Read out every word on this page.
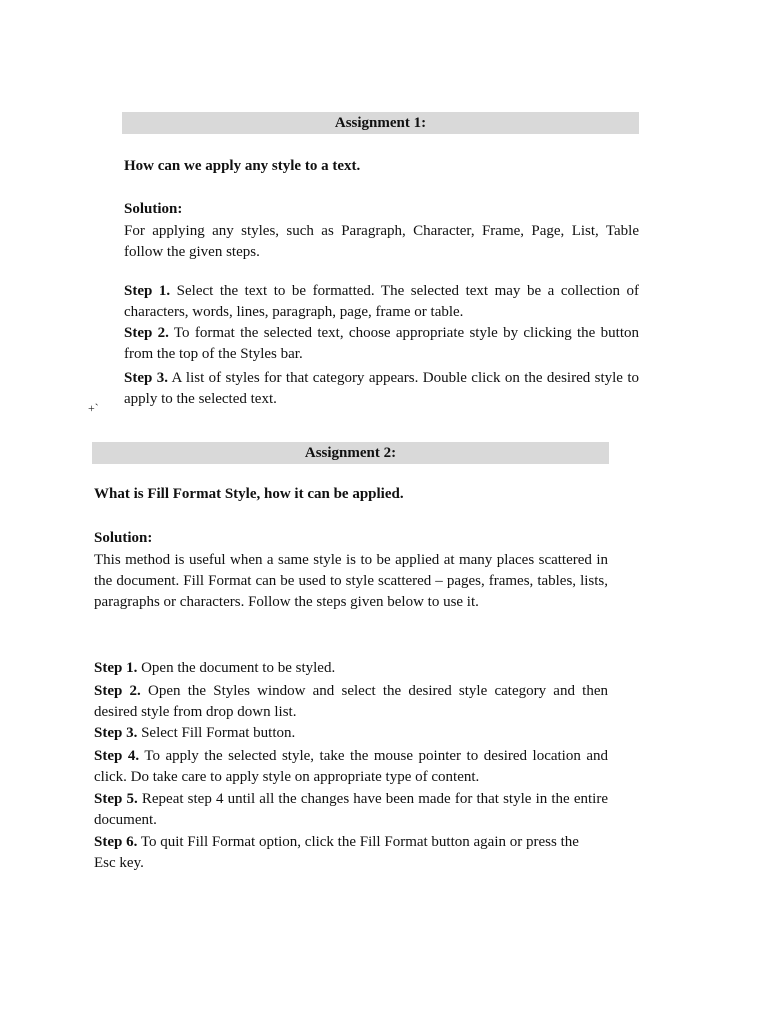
Assignment 1:
How can we apply any style to a text.
Solution:

For applying any styles, such as Paragraph, Character, Frame, Page, List, Table follow the given steps.

Step 1. Select the text to be formatted. The selected text may be a collection of characters, words, lines, paragraph, page, frame or table.

Step 2. To format the selected text, choose appropriate style by clicking the button from the top of the Styles bar.

Step 3. A list of styles for that category appears. Double click on the desired style to apply to the selected text.

+`
Assignment 2:
What is Fill Format Style, how it can be applied.
Solution:

This method is useful when a same style is to be applied at many places scattered in the document. Fill Format can be used to style scattered – pages, frames, tables, lists, paragraphs or characters. Follow the steps given below to use it.

Step 1. Open the document to be styled.

Step 2. Open the Styles window and select the desired style category and then desired style from drop down list.

Step 3. Select Fill Format button.

Step 4. To apply the selected style, take the mouse pointer to desired location and click. Do take care to apply style on appropriate type of content.

Step 5. Repeat step 4 until all the changes have been made for that style in the entire document.

Step 6. To quit Fill Format option, click the Fill Format button again or press the Esc key.
